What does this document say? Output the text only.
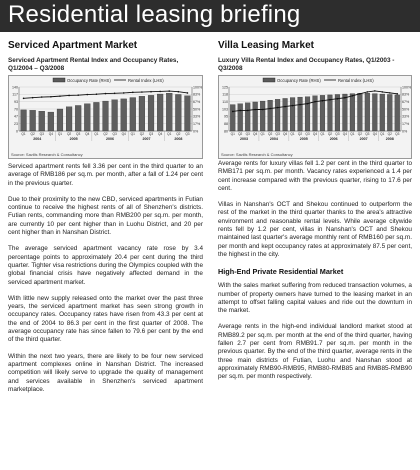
Residential leasing briefing
Serviced Apartment Market
Serviced Apartment Rental Index and Occupancy Rates, Q1/2004 – Q3/2008
Occupancy Rate (RHS)	Rental Index (LHS)
140	100%
117	83%
93	67%
70	50%
47	33%
23	17%
0	0%
Q1 Q2 Q3 Q4 Q1 Q2 Q3 Q4 Q1 Q2 Q3 Q4 Q1 Q2 Q3 Q4 Q1 Q2 Q3
2004	2005	2006	2007	2008
Source: Savills Research & Consultancy

Serviced apartment rents fell 3.36 per cent in the third quarter to an average of RMB186 per sq.m. per month, after a fall of 1.24 per cent in the previous quarter.

Due to their proximity to the new CBD, serviced apartments in Futian continue to receive the highest rents of all of Shenzhen's districts. Futian rents, commanding more than RMB200 per sq.m. per month, are currently 10 per cent higher than in Luohu District, and 20 per cent higher than in Nanshan District.

The average serviced apartment vacancy rate rose by 3.4 percentage points to approximately 20.4 per cent during the third quarter. Tighter visa restrictions during the Olympics coupled with the global financial crisis have negatively affected demand in the serviced apartment market.

With little new supply released onto the market over the past three years, the serviced apartment market has seen strong growth in occupancy rates. Occupancy rates have risen from 43.3 per cent at the end of 2004 to 86.3 per cent in the first quarter of 2008. The average occupancy rate has since fallen to 79.6 per cent by the end of the third quarter.

Within the next two years, there are likely to be four new serviced apartment complexes online in Nanshan District. The increased competition will likely serve to upgrade the quality of management and services available in Shenzhen's serviced apartment marketplace.

Villa Leasing Market
Luxury Villa Rental Index and Occupancy Rates, Q1/2003 - Q3/2008
Occupancy Rate (RHS)	Rental Index (LHS)
125	100%
118	83%
110	67%
103	50%
95	33%
88	17%
80	0%
Q1 Q2 Q3 Q4 Q1 Q2 Q3 Q4 Q1 Q2 Q3 Q4 Q1 Q2 Q3 Q4 Q1 Q2 Q3 Q4 Q1 Q2 Q3
2003	2004	2005	2006	2007	2008
Source: Savills Research & Consultancy

Average rents for luxury villas fell 1.2 per cent in the third quarter to RMB171 per sq.m. per month. Vacancy rates experienced a 1.4 per cent increase compared with the previous quarter, rising to 17.6 per cent.

Villas in Nanshan's OCT and Shekou continued to outperform the rest of the market in the third quarter thanks to the area's attractive environment and reasonable rental levels. While average citywide rents fell by 1.2 per cent, villas in Nanshan's OCT and Shekou maintained last quarter's average monthly rent of RMB160 per sq.m. per month and kept occupancy rates at approximately 87.5 per cent, the highest in the city.

High-End Private Residential Market

With the sales market suffering from reduced transaction volumes, a number of property owners have turned to the leasing market in an attempt to offset falling capital values and ride out the downturn in the market.

Average rents in the high-end individual landlord market stood at RMB89.2 per sq.m. per month at the end of the third quarter, having fallen 2.7 per cent from RMB91.7 per sq.m. per month in the previous quarter. By the end of the third quarter, average rents in the three main districts of Futian, Luohu and Nanshan stood at approximately RMB90-RMB95, RMB80-RMB85 and RMB85-RMB90 per sq.m. per month respectively.
